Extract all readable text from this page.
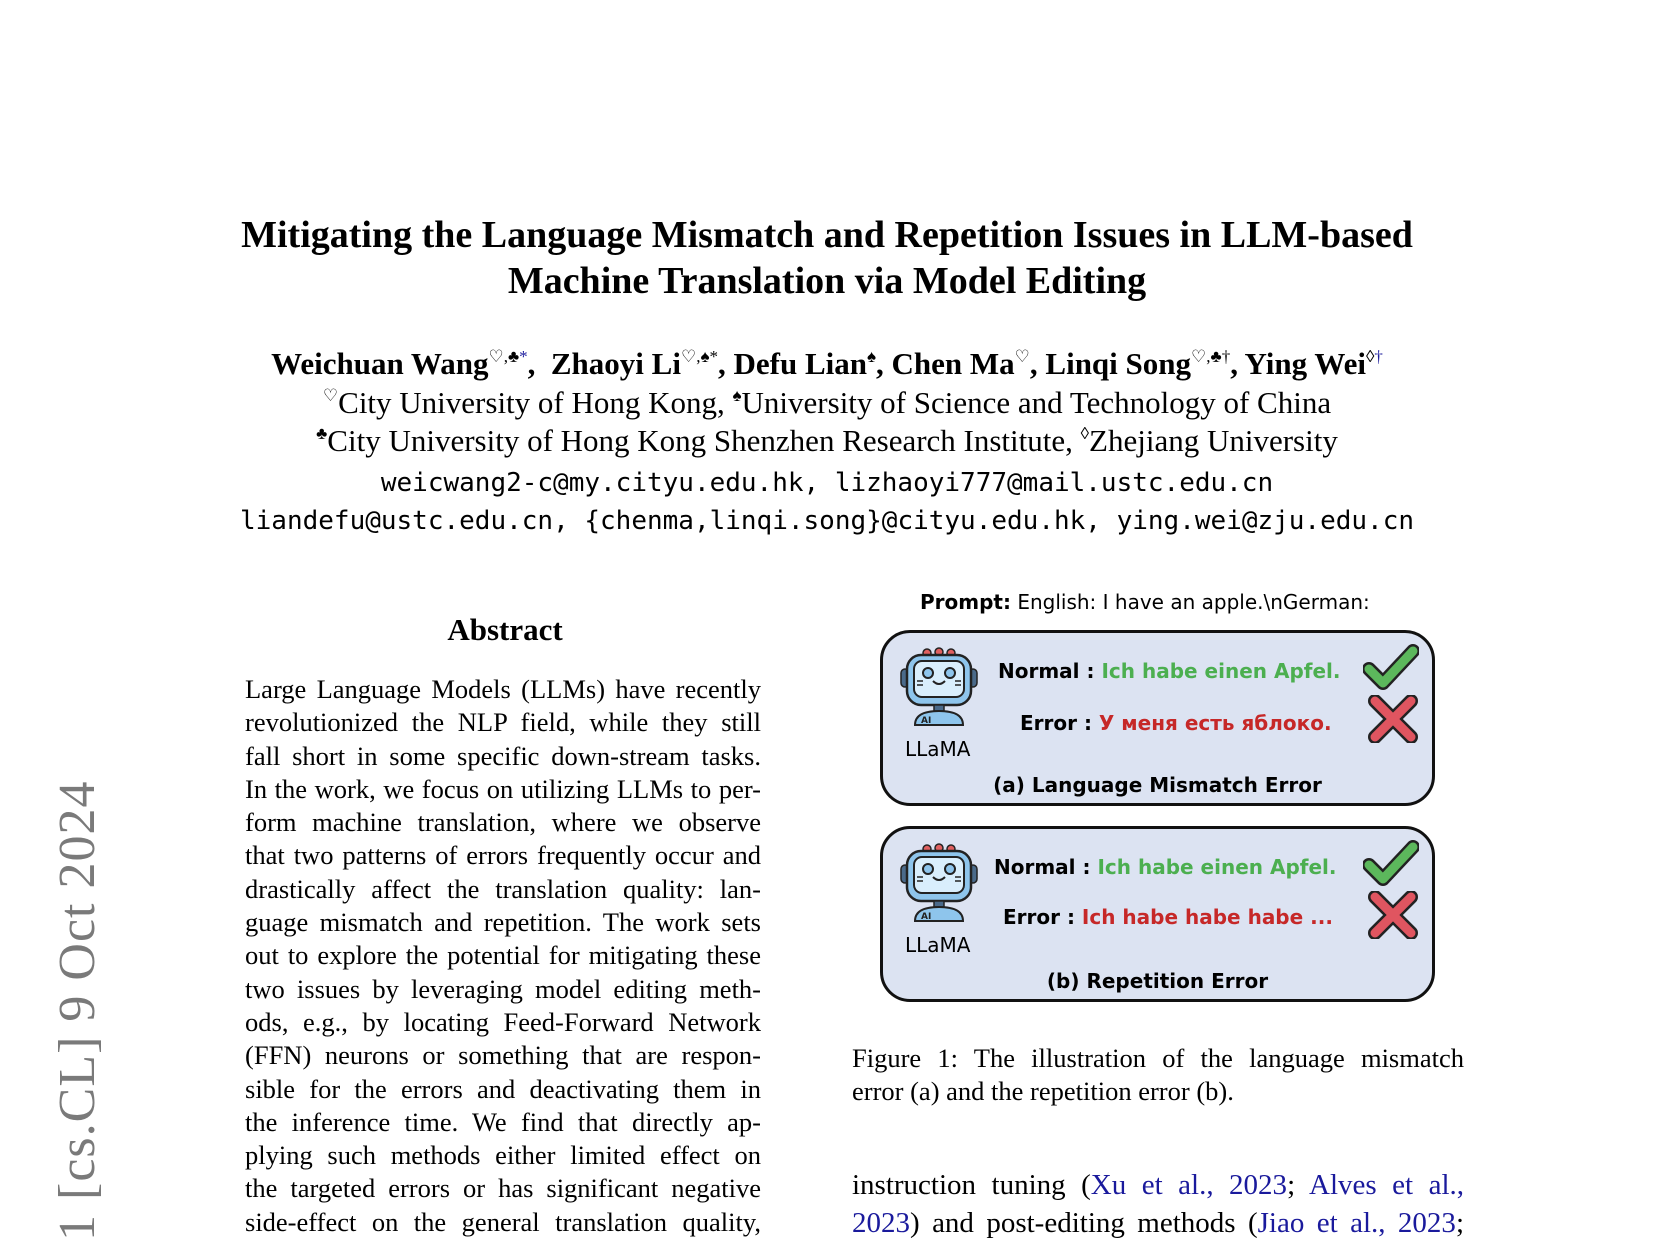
1 [cs.CL] 9 Oct 2024
Mitigating the Language Mismatch and Repetition Issues in LLM-based
Machine Translation via Model Editing
Weichuan Wang♡,♣*,  Zhaoyi Li♡,♠*, Defu Lian♠, Chen Ma♡, Linqi Song♡,♣†, Ying Wei◊†
♡City University of Hong Kong, ♠University of Science and Technology of China
♣City University of Hong Kong Shenzhen Research Institute, ◊Zhejiang University
weicwang2-c@my.cityu.edu.hk, lizhaoyi777@mail.ustc.edu.cn
liandefu@ustc.edu.cn, {chenma,linqi.song}@cityu.edu.hk, ying.wei@zju.edu.cn
Abstract
Large Language Models (LLMs) have recently
revolutionized the NLP field, while they still
fall short in some specific down-stream tasks.
In the work, we focus on utilizing LLMs to per-
form machine translation, where we observe
that two patterns of errors frequently occur and
drastically affect the translation quality: lan-
guage mismatch and repetition. The work sets
out to explore the potential for mitigating these
two issues by leveraging model editing meth-
ods, e.g., by locating Feed-Forward Network
(FFN) neurons or something that are respon-
sible for the errors and deactivating them in
the inference time. We find that directly ap-
plying such methods either limited effect on
the targeted errors or has significant negative
side-effect on the general translation quality,
Prompt: English: I have an apple.\nGerman:
AI
LLaMA
Normal : Ich habe einen Apfel.
Error : У меня есть яблоко.
(a) Language Mismatch Error
AI
LLaMA
Normal : Ich habe einen Apfel.
Error : Ich habe habe habe ...
(b) Repetition Error
Figure 1: The illustration of the language mismatch
error (a) and the repetition error (b).
instruction tuning (Xu et al., 2023; Alves et al.,
2023) and post-editing methods (Jiao et al., 2023;
